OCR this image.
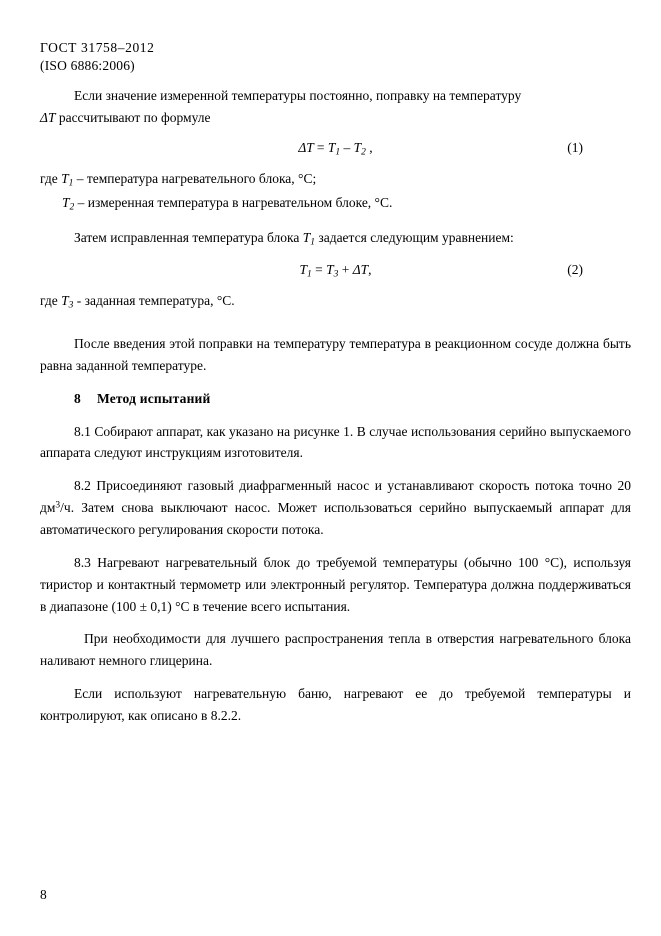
ГОСТ 31758–2012
(ISO 6886:2006)

Если значение измеренной температуры постоянно, поправку на температуру
ΔT рассчитывают по формуле

$\Delta T = T_1 - T_2$ ,	(1)
где $T_1$ – температура нагревательного блока, °С;
$T_2$ – измеренная температура в нагревательном блоке, °С.

Затем исправленная температура блока $T_1$ задается следующим уравнением:

$T_1 = T_3 + \Delta T$,	(2)
где $T_3$ - заданная температура, °С.

После введения этой поправки на температуру температура в реакционном сосуде должна быть равна заданной температуре.

8 Метод испытаний

8.1 Собирают аппарат, как указано на рисунке 1. В случае использования серийно выпускаемого аппарата следуют инструкциям изготовителя.

8.2 Присоединяют газовый диафрагменный насос и устанавливают скорость потока точно 20 $дм^3/ч$. Затем снова выключают насос. Может использоваться серийно выпускаемый аппарат для автоматического регулирования скорости потока.

8.3 Нагревают нагревательный блок до требуемой температуры (обычно 100 °С), используя тиристор и контактный термометр или электронный регулятор. Температура должна поддерживаться в диапазоне (100 ± 0,1) °С в течение всего испытания.

При необходимости для лучшего распространения тепла в отверстия нагревательного блока наливают немного глицерина.

Если используют нагревательную баню, нагревают ее до требуемой температуры и контролируют, как описано в 8.2.2.

8
